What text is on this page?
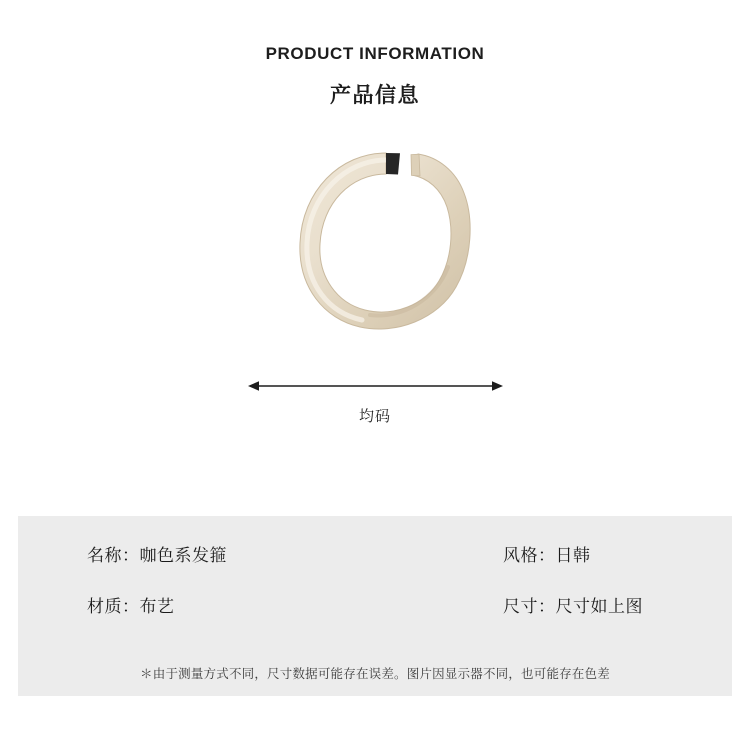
PRODUCT INFORMATION
产品信息
均码
名称：咖色系发箍	风格：日韩
材质：布艺	尺寸：尺寸如上图
＊由于测量方式不同，尺寸数据可能存在误差。图片因显示器不同，也可能存在色差
